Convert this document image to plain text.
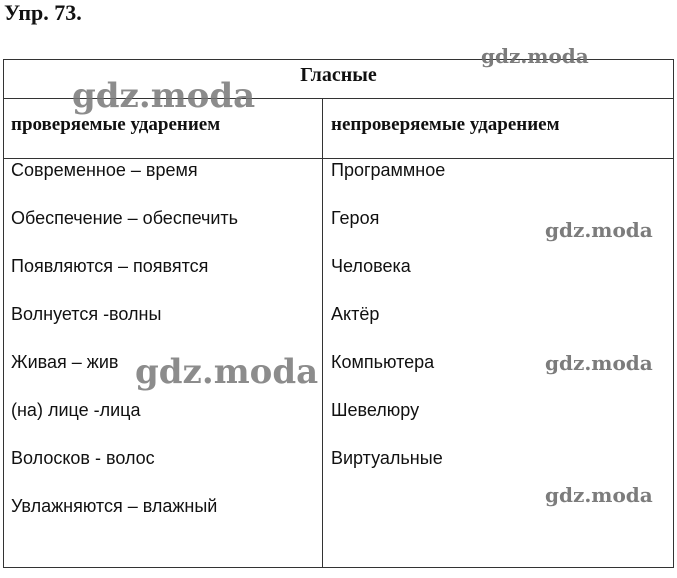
Упр. 73.
Гласные
проверяемые ударением	непроверяемые ударением
Современное – время
Обеспечение – обеспечить
Появляются – появятся
Волнуется -волны
Живая – жив
(на) лице -лица
Волосков - волос
Увлажняются – влажный
Программное
Героя
Человека
Актёр
Компьютера
Шевелюру
Виртуальные
gdz.moda
gdz.moda
gdz.moda
gdz.moda	gdz.moda
gdz.moda
